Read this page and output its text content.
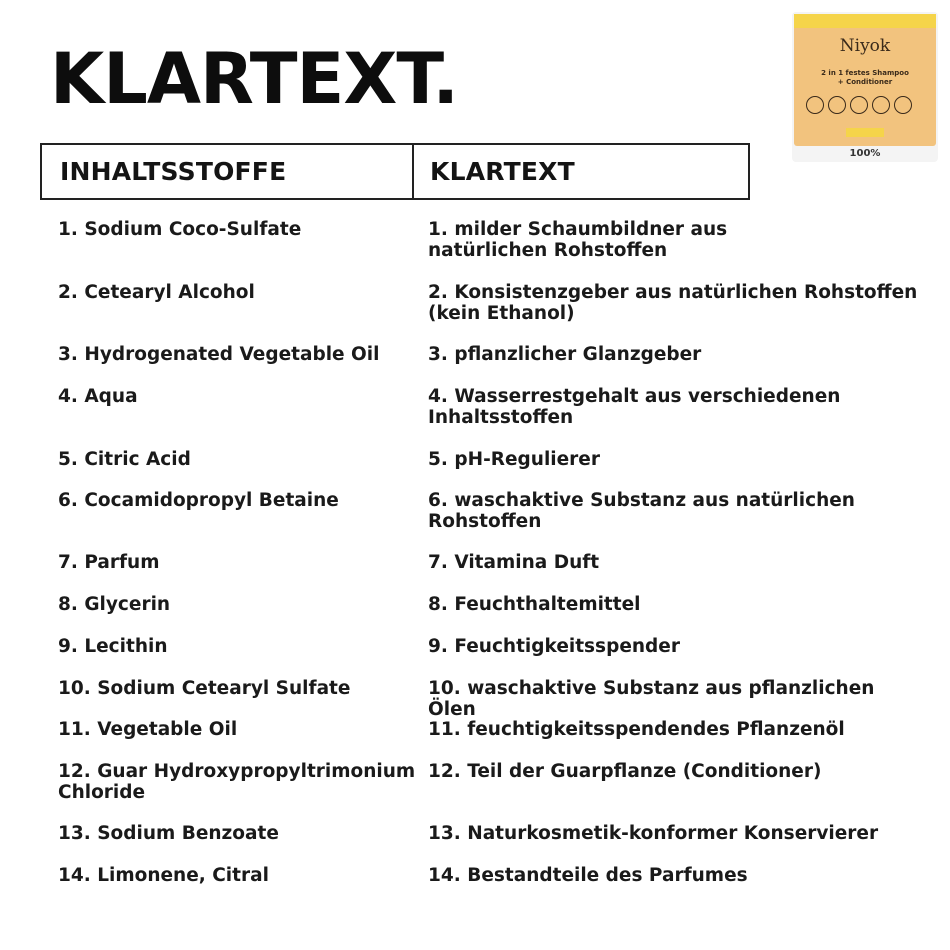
KLARTEXT.	Niyok
2 in 1 festes Shampoo
+ Conditioner
100%
INHALTSSTOFFE	KLARTEXT
1. Sodium Coco-Sulfate	1. milder Schaumbildner aus
natürlichen Rohstoffen
2. Cetearyl Alcohol	2. Konsistenzgeber aus natürlichen Rohstoffen
(kein Ethanol)
3. Hydrogenated Vegetable Oil	3. pflanzlicher Glanzgeber
4. Aqua	4. Wasserrestgehalt aus verschiedenen
Inhaltsstoffen
5. Citric Acid	5. pH-Regulierer
6. Cocamidopropyl Betaine	6. waschaktive Substanz aus natürlichen
Rohstoffen
7. Parfum	7. Vitamina Duft
8. Glycerin	8. Feuchthaltemittel
9. Lecithin	9. Feuchtigkeitsspender
10. Sodium Cetearyl Sulfate	10. waschaktive Substanz aus pflanzlichen Ölen
11. Vegetable Oil	11. feuchtigkeitsspendendes Pflanzenöl
12. Guar Hydroxypropyltrimonium
Chloride
12. Teil der Guarpflanze (Conditioner)
13. Sodium Benzoate	13. Naturkosmetik-konformer Konservierer
14. Limonene, Citral	14. Bestandteile des Parfumes
